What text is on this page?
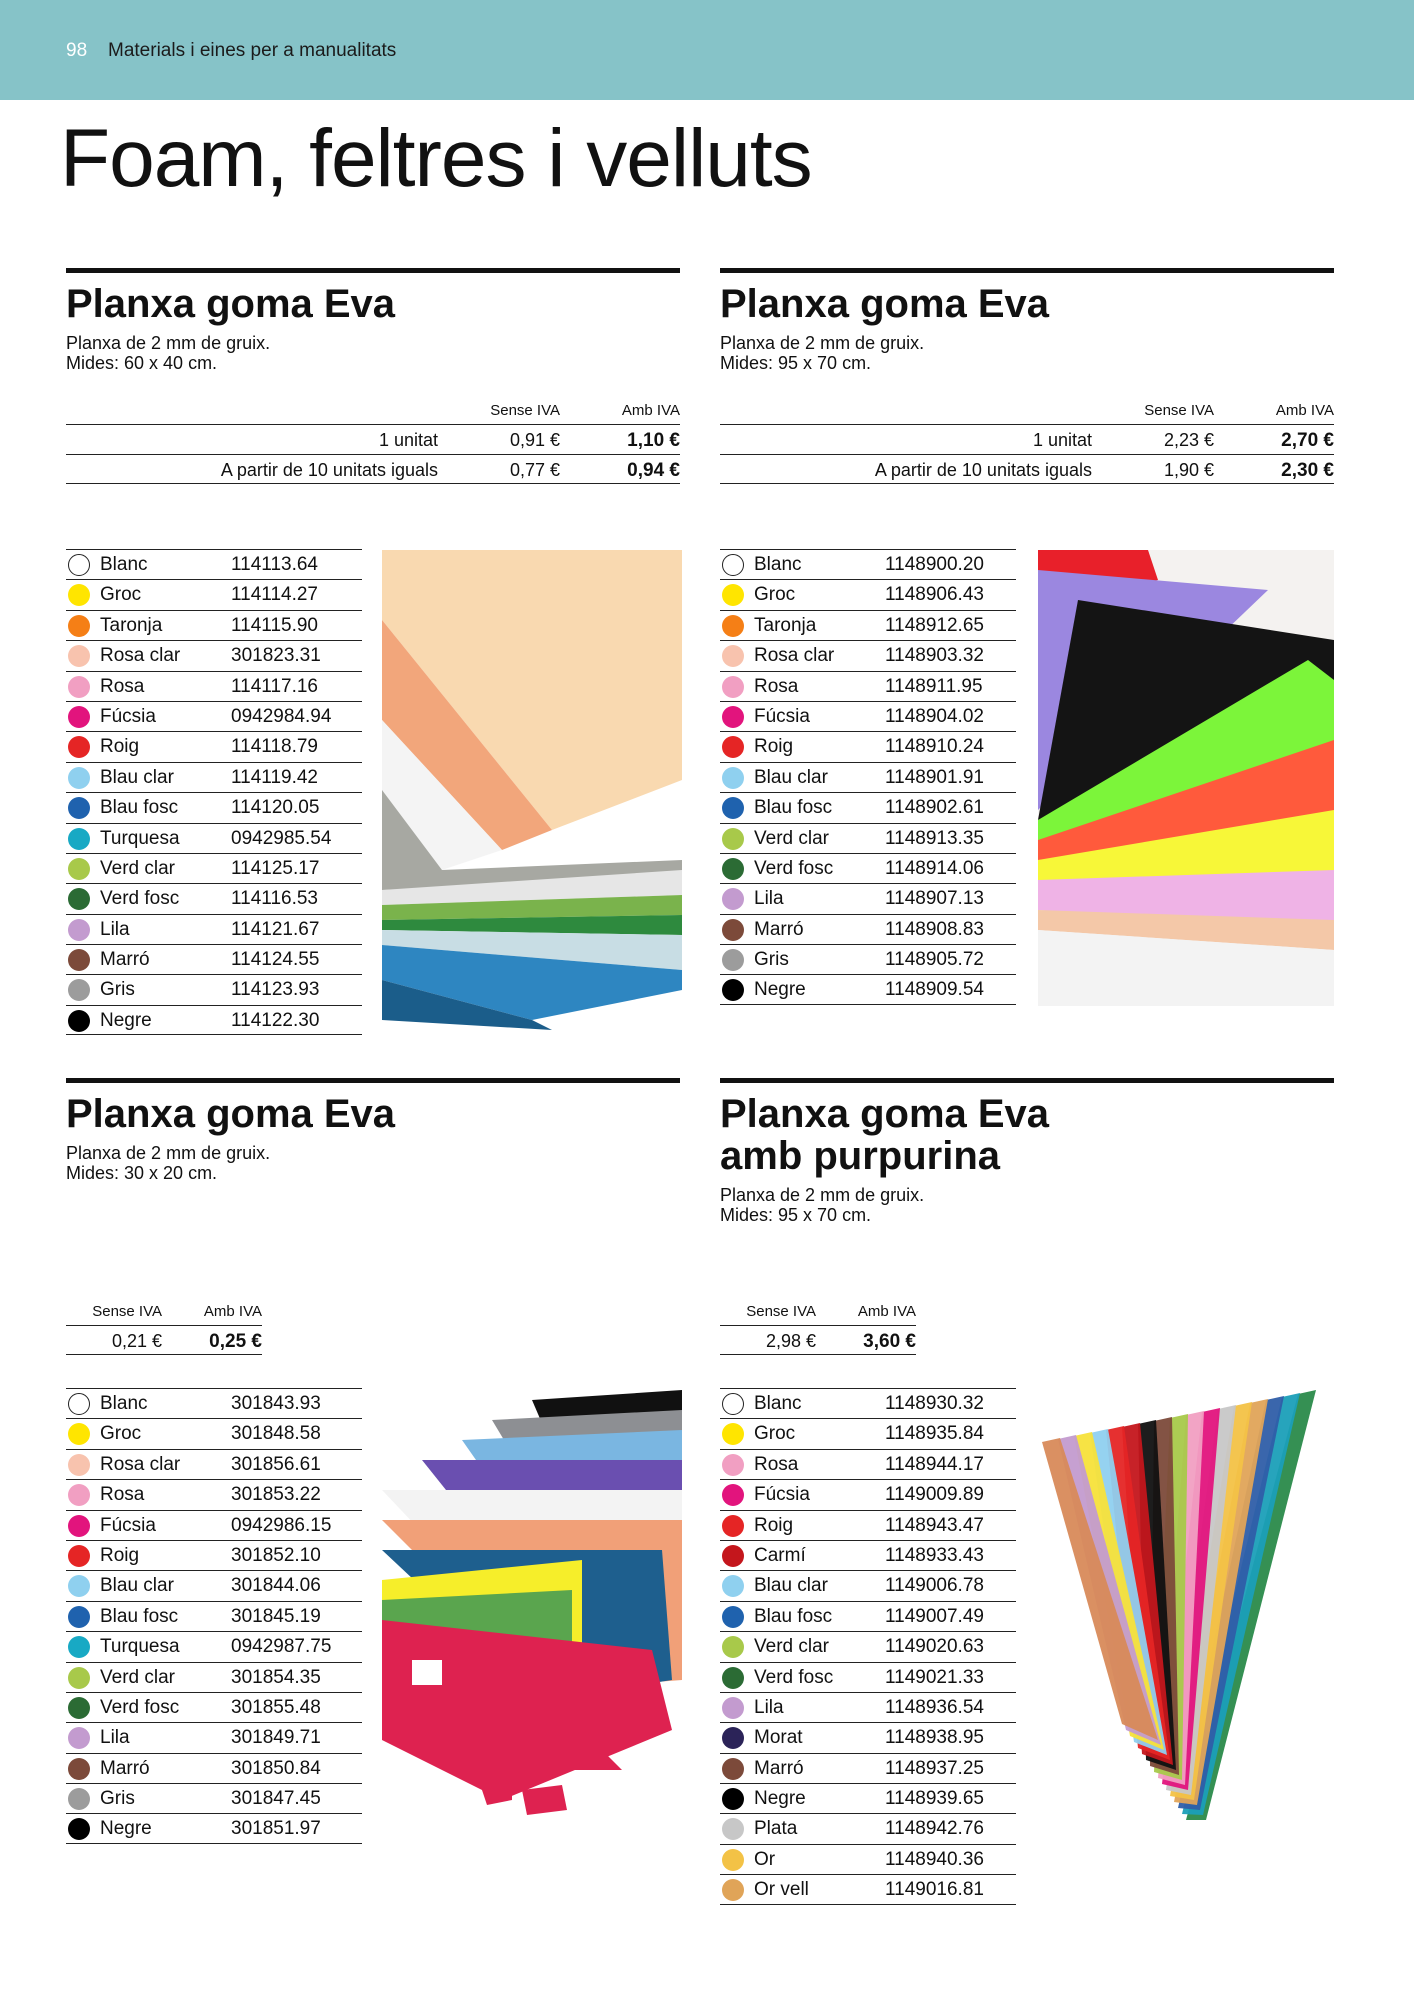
98 Materials i eines per a manualitats
Foam, feltres i velluts
Planxa goma Eva
Planxa de 2 mm de gruix.
Mides: 60 x 40 cm.
Sense IVA	Amb IVA
1 unitat	0,91 €	1,10 €
A partir de 10 unitats iguals	0,77 €	0,94 €
Blanc	114113.64
Groc	114114.27
Taronja	114115.90
Rosa clar	301823.31
Rosa	114117.16
Fúcsia	0942984.94
Roig	114118.79
Blau clar	114119.42
Blau fosc	114120.05
Turquesa	0942985.54
Verd clar	114125.17
Verd fosc	114116.53
Lila	114121.67
Marró	114124.55
Gris	114123.93
Negre	114122.30
Planxa goma Eva
Planxa de 2 mm de gruix.
Mides: 95 x 70 cm.
Sense IVA	Amb IVA
1 unitat	2,23 €	2,70 €
A partir de 10 unitats iguals	1,90 €	2,30 €
Blanc	1148900.20
Groc	1148906.43
Taronja	1148912.65
Rosa clar	1148903.32
Rosa	1148911.95
Fúcsia	1148904.02
Roig	1148910.24
Blau clar	1148901.91
Blau fosc	1148902.61
Verd clar	1148913.35
Verd fosc	1148914.06
Lila	1148907.13
Marró	1148908.83
Gris	1148905.72
Negre	1148909.54
Planxa goma Eva
Planxa de 2 mm de gruix.
Mides: 30 x 20 cm.
Sense IVA	Amb IVA
0,21 € 0,25 €
Blanc	301843.93
Groc	301848.58
Rosa clar	301856.61
Rosa	301853.22
Fúcsia	0942986.15
Roig	301852.10
Blau clar	301844.06
Blau fosc	301845.19
Turquesa	0942987.75
Verd clar	301854.35
Verd fosc	301855.48
Lila	301849.71
Marró	301850.84
Gris	301847.45
Negre	301851.97
Planxa goma Eva
amb purpurina
Planxa de 2 mm de gruix.
Mides: 95 x 70 cm.
Sense IVA	Amb IVA
2,98 € 3,60 €
Blanc	1148930.32
Groc	1148935.84
Rosa	1148944.17
Fúcsia	1149009.89
Roig	1148943.47
Carmí	1148933.43
Blau clar	1149006.78
Blau fosc	1149007.49
Verd clar	1149020.63
Verd fosc	1149021.33
Lila	1148936.54
Morat	1148938.95
Marró	1148937.25
Negre	1148939.65
Plata	1148942.76
Or	1148940.36
Or vell	1149016.81
